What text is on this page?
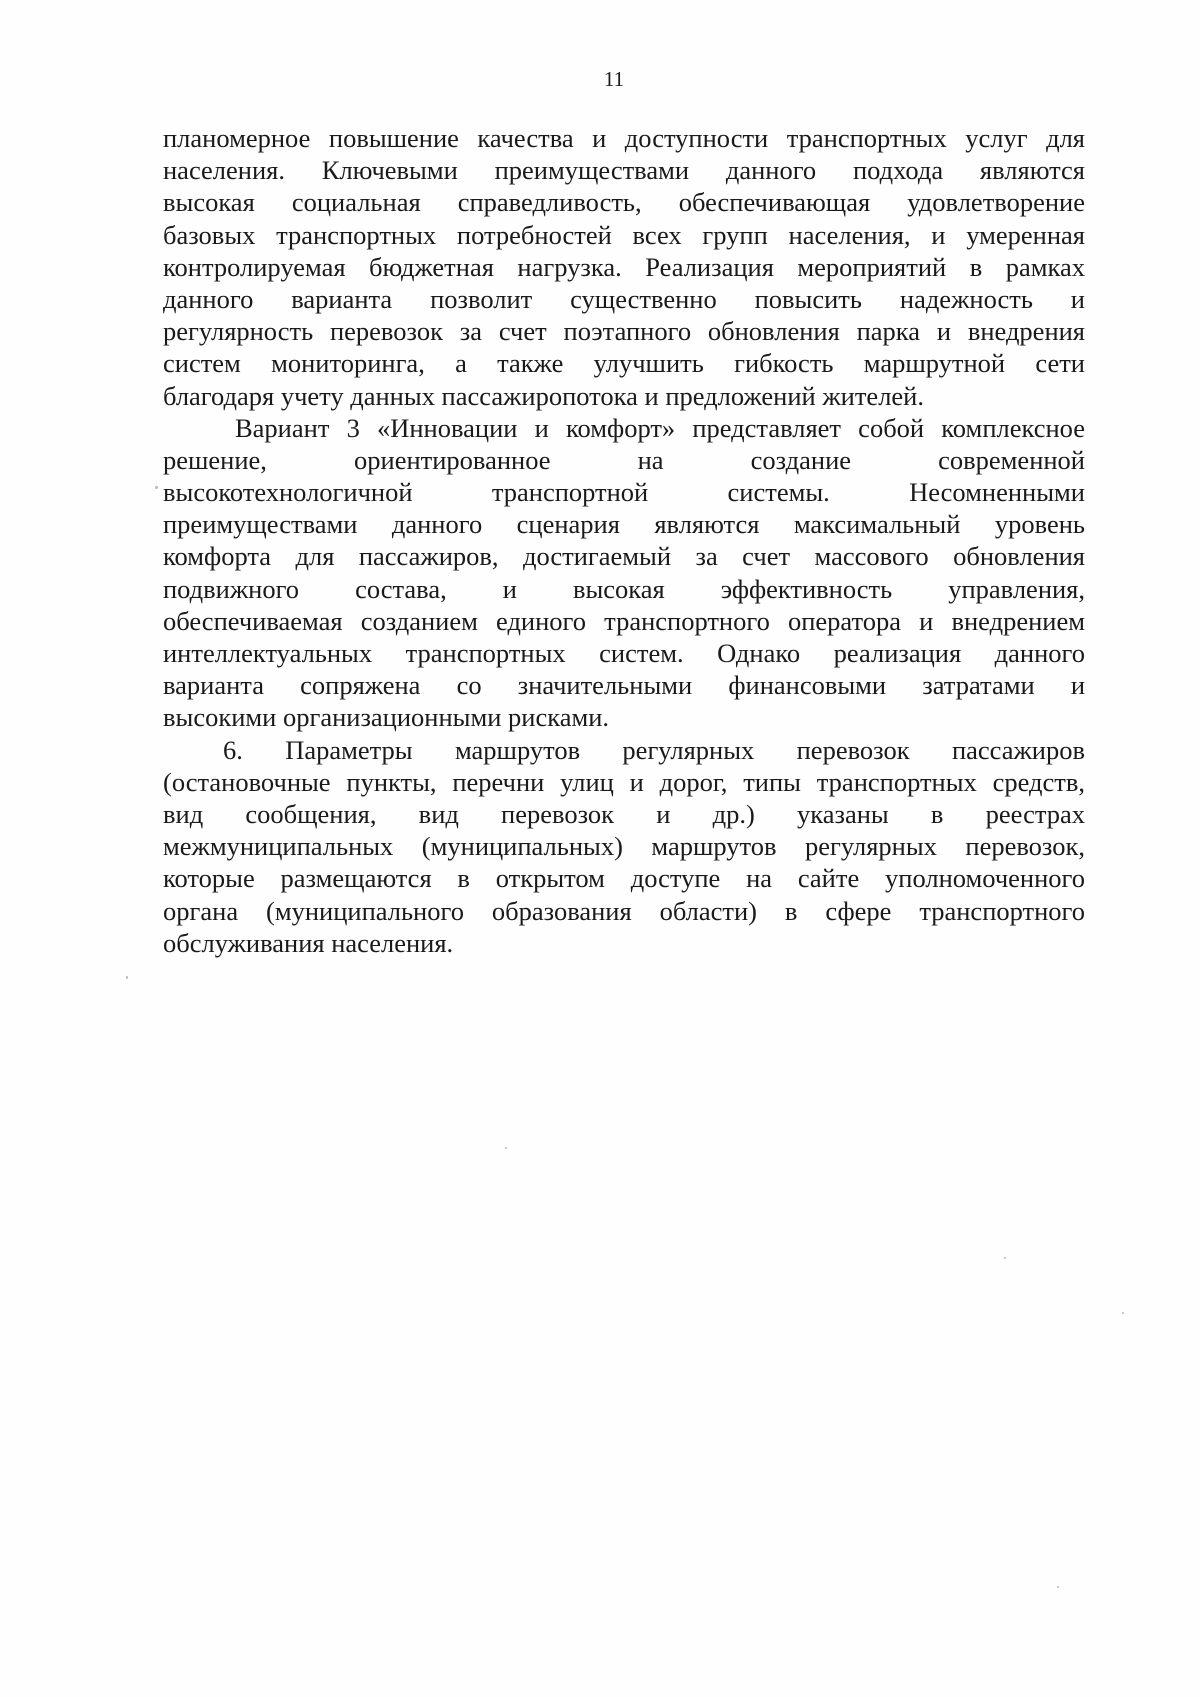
11
планомерное повышение качества и доступности транспортных услуг для
населения. Ключевыми преимуществами данного подхода являются
высокая социальная справедливость, обеспечивающая удовлетворение
базовых транспортных потребностей всех групп населения, и умеренная
контролируемая бюджетная нагрузка. Реализация мероприятий в рамках
данного варианта позволит существенно повысить надежность и
регулярность перевозок за счет поэтапного обновления парка и внедрения
систем мониторинга, а также улучшить гибкость маршрутной сети
благодаря учету данных пассажиропотока и предложений жителей.
Вариант 3 «Инновации и комфорт» представляет собой комплексное
решение, ориентированное на создание современной
высокотехнологичной транспортной системы. Несомненными
преимуществами данного сценария являются максимальный уровень
комфорта для пассажиров, достигаемый за счет массового обновления
подвижного состава, и высокая эффективность управления,
обеспечиваемая созданием единого транспортного оператора и внедрением
интеллектуальных транспортных систем. Однако реализация данного
варианта сопряжена со значительными финансовыми затратами и
высокими организационными рисками.
6. Параметры маршрутов регулярных перевозок пассажиров
(остановочные пункты, перечни улиц и дорог, типы транспортных средств,
вид сообщения, вид перевозок и др.) указаны в реестрах
межмуниципальных (муниципальных) маршрутов регулярных перевозок,
которые размещаются в открытом доступе на сайте уполномоченного
органа (муниципального образования области) в сфере транспортного
обслуживания населения.
